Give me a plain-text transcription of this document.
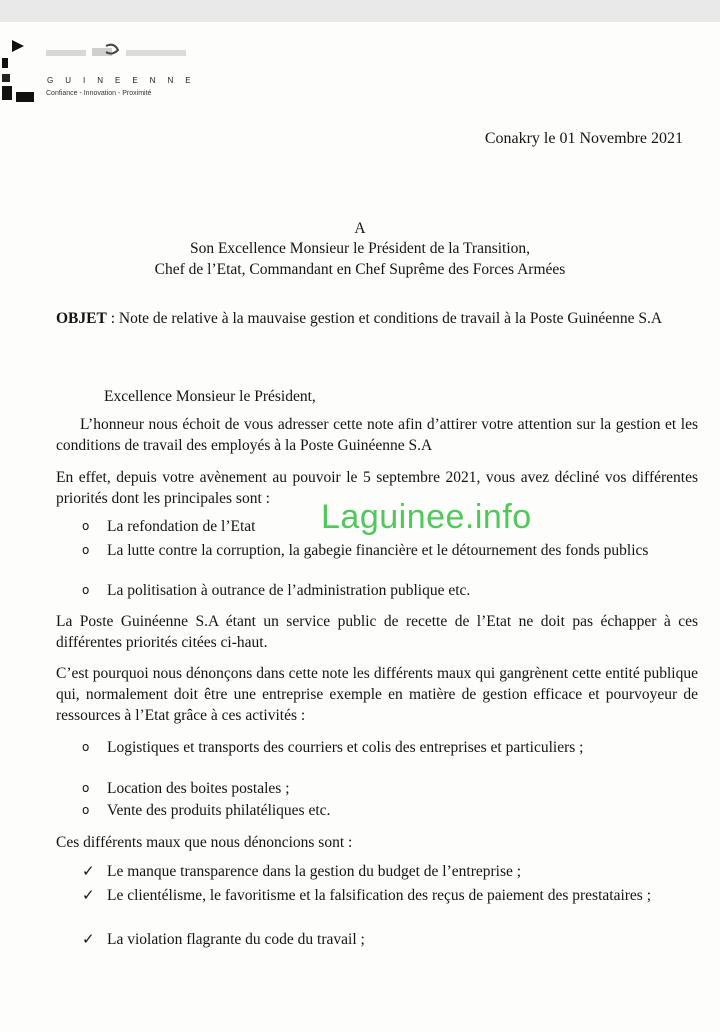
GUINEENNE
Confiance - Innovation - Proximité
Conakry le 01 Novembre 2021
A
Son Excellence Monsieur le Président de la Transition,
Chef de l’Etat, Commandant en Chef Suprême des Forces Armées
OBJET : Note de relative à la mauvaise gestion et conditions de travail à la Poste Guinéenne S.A
Excellence Monsieur le Président,
L’honneur nous échoit de vous adresser cette note afin d’attirer votre attention sur la gestion et les conditions de travail des employés à la Poste Guinéenne S.A
En effet, depuis votre avènement au pouvoir le 5 septembre 2021, vous avez décliné vos différentes priorités dont les principales sont :
o	La refondation de l’Etat
o	La lutte contre la corruption, la gabegie financière et le détournement des fonds publics
o	La politisation à outrance de l’administration publique etc.
La Poste Guinéenne S.A étant un service public de recette de l’Etat ne doit pas échapper à ces différentes priorités citées ci-haut.
C’est pourquoi nous dénonçons dans cette note les différents maux qui gangrènent cette entité publique qui, normalement doit être une entreprise exemple en matière de gestion efficace et pourvoyeur de ressources à l’Etat grâce à ces activités :
o	Logistiques et transports des courriers et colis des entreprises et particuliers ;
o	Location des boites postales ;
o	Vente des produits philatéliques etc.
Ces différents maux que nous dénoncions sont :
✓ Le manque transparence dans la gestion du budget de l’entreprise ;
✓ Le clientélisme, le favoritisme et la falsification des reçus de paiement des prestataires ;
✓ La violation flagrante du code du travail ;
Laguinee.info
